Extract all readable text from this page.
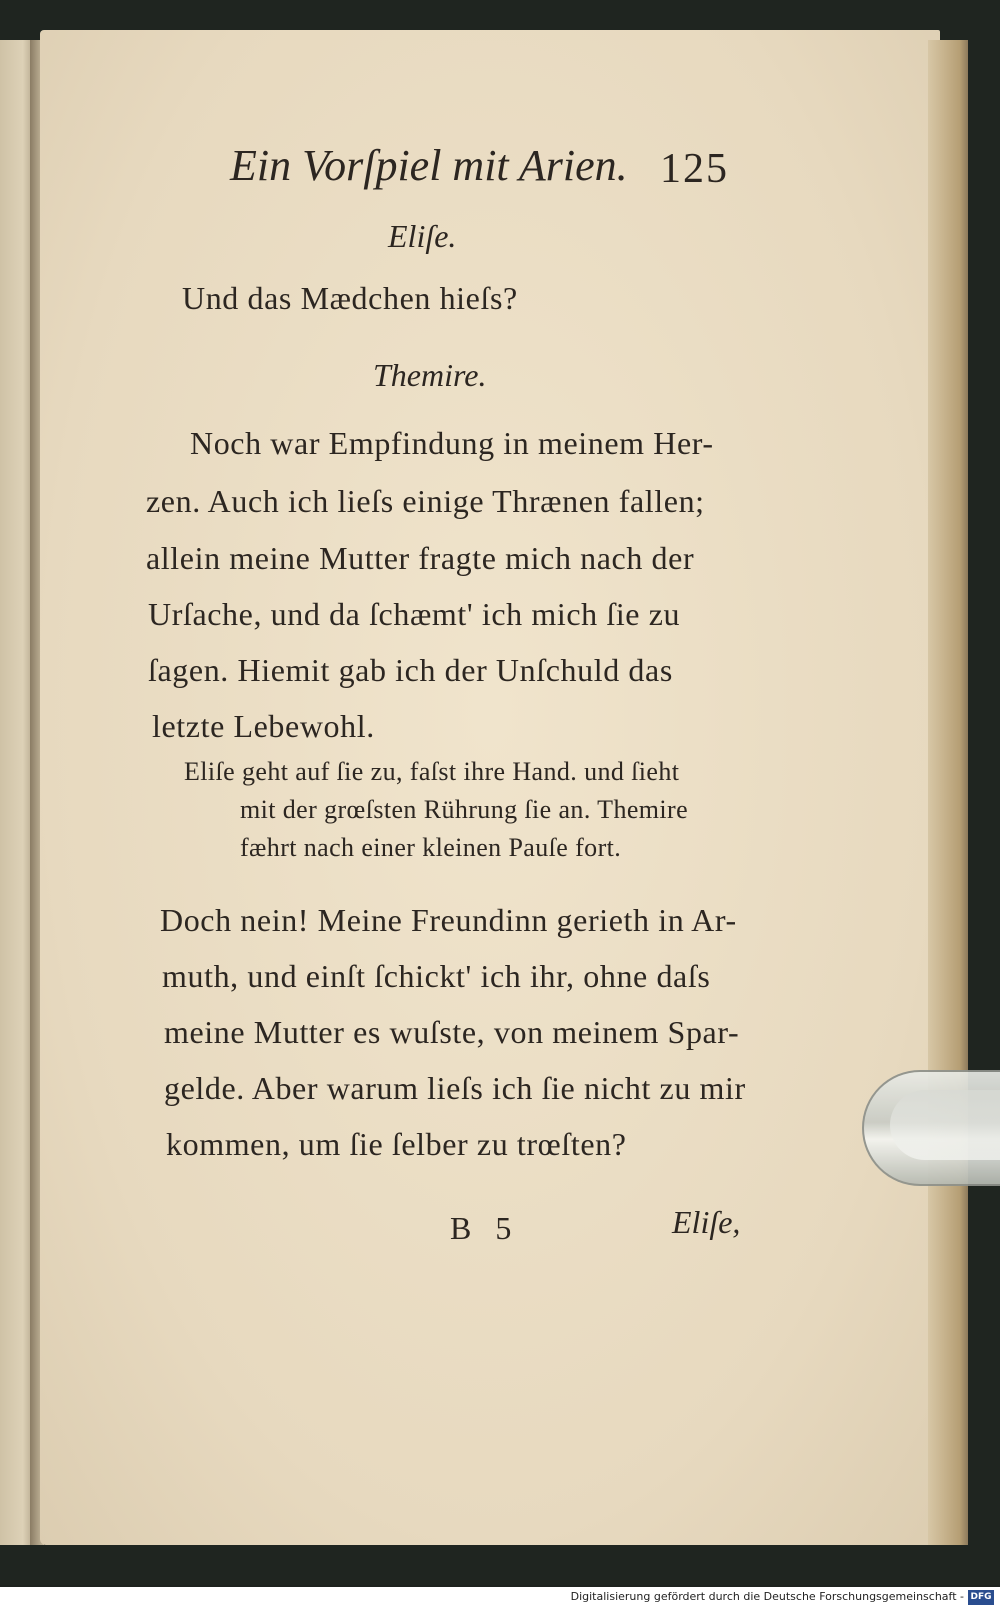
Ein Vorſpiel mit Arien. 125
Eliſe.
Und das Mædchen hieſs?
Themire.
Noch war Empfindung in meinem Her-
zen. Auch ich lieſs einige Thrænen fallen;
allein meine Mutter fragte mich nach der
Urſache, und da ſchæmt' ich mich ſie zu
ſagen. Hiemit gab ich der Unſchuld das
letzte Lebewohl.
Eliſe geht auf ſie zu, faſst ihre Hand. und ſieht
mit der grœſsten Rührung ſie an. Themire
fæhrt nach einer kleinen Pauſe fort.
Doch nein! Meine Freundinn gerieth in Ar-
muth, und einſt ſchickt' ich ihr, ohne daſs
meine Mutter es wuſste, von meinem Spar-
gelde. Aber warum lieſs ich ſie nicht zu mir
kommen, um ſie ſelber zu trœſten?
B 5	Eliſe,
Digitalisierung gefördert durch die Deutsche Forschungsgemeinschaft - DFG
